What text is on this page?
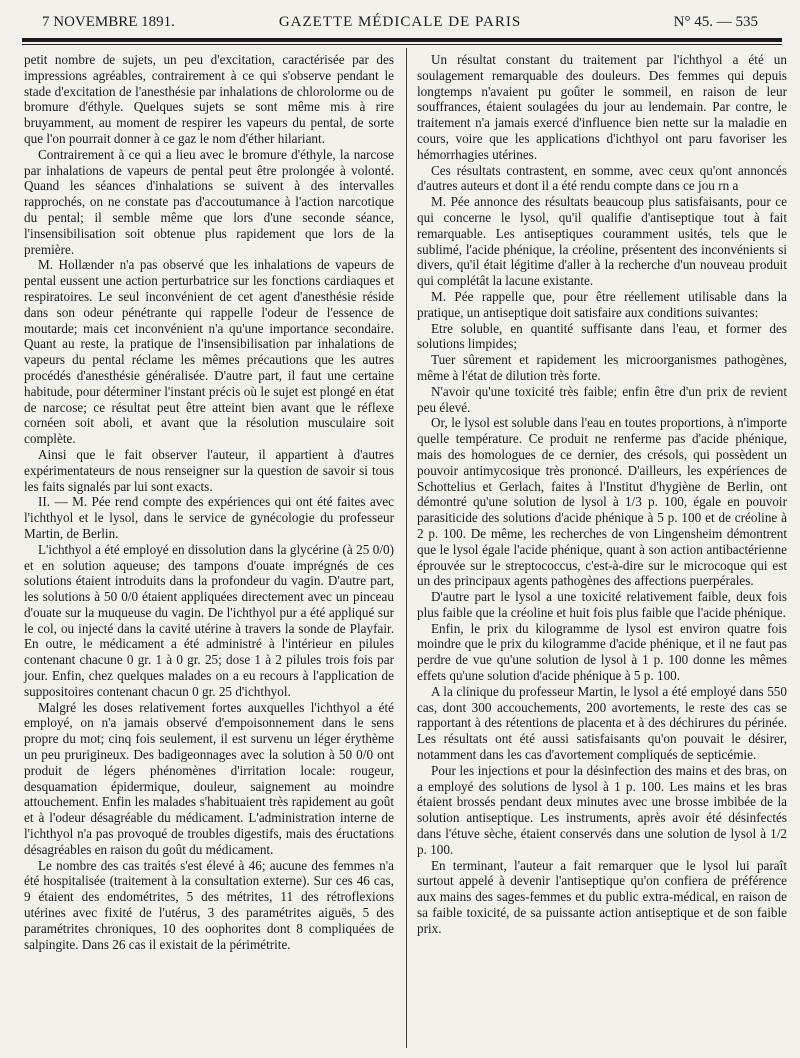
7 NOVEMBRE 1891.	GAZETTE MÉDICALE DE PARIS	N° 45. — 535

petit nombre de sujets, un peu d'excitation, caractérisée par des impressions agréables, contrairement à ce qui s'observe pendant le stade d'excitation de l'anesthésie par inhalations de chlorolorme ou de bromure d'éthyle. Quelques sujets se sont même mis à rire bruyamment, au moment de respirer les vapeurs du pental, de sorte que l'on pourrait donner à ce gaz le nom d'éther hilariant.

Contrairement à ce qui a lieu avec le bromure d'éthyle, la narcose par inhalations de vapeurs de pental peut être prolongée à volonté. Quand les séances d'inhalations se suivent à des intervalles rapprochés, on ne constate pas d'accoutumance à l'action narcotique du pental; il semble même que lors d'une seconde séance, l'insensibilisation soit obtenue plus rapidement que lors de la première.

M. Hollænder n'a pas observé que les inhalations de vapeurs de pental eussent une action perturbatrice sur les fonctions cardiaques et respiratoires. Le seul inconvénient de cet agent d'anesthésie réside dans son odeur pénétrante qui rappelle l'odeur de l'essence de moutarde; mais cet inconvénient n'a qu'une importance secondaire. Quant au reste, la pratique de l'insensibilisation par inhalations de vapeurs du pental réclame les mêmes précautions que les autres procédés d'anesthésie généralisée. D'autre part, il faut une certaine habitude, pour déterminer l'instant précis où le sujet est plongé en état de narcose; ce résultat peut être atteint bien avant que le réflexe cornéen soit aboli, et avant que la résolution musculaire soit complète.

Ainsi que le fait observer l'auteur, il appartient à d'autres expérimentateurs de nous renseigner sur la question de savoir si tous les faits signalés par lui sont exacts.

II. — M. Pée rend compte des expériences qui ont été faites avec l'ichthyol et le lysol, dans le service de gynécologie du professeur Martin, de Berlin.

L'ichthyol a été employé en dissolution dans la glycérine (à 25 0/0) et en solution aqueuse; des tampons d'ouate imprégnés de ces solutions étaient introduits dans la profondeur du vagin. D'autre part, les solutions à 50 0/0 étaient appliquées directement avec un pinceau d'ouate sur la muqueuse du vagin. De l'ichthyol pur a été appliqué sur le col, ou injecté dans la cavité utérine à travers la sonde de Playfair. En outre, le médicament a été administré à l'intérieur en pilules contenant chacune 0 gr. 1 à 0 gr. 25; dose 1 à 2 pilules trois fois par jour. Enfin, chez quelques malades on a eu recours à l'application de suppositoires contenant chacun 0 gr. 25 d'ichthyol.

Malgré les doses relativement fortes auxquelles l'ichthyol a été employé, on n'a jamais observé d'empoisonnement dans le sens propre du mot; cinq fois seulement, il est survenu un léger érythème un peu prurigineux. Des badigeonnages avec la solution à 50 0/0 ont produit de légers phénomènes d'irritation locale: rougeur, desquamation épidermique, douleur, saignement au moindre attouchement. Enfin les malades s'habituaient très rapidement au goût et à l'odeur désagréable du médicament. L'administration interne de l'ichthyol n'a pas provoqué de troubles digestifs, mais des éructations désagréables en raison du goût du médicament.

Le nombre des cas traités s'est élevé à 46; aucune des femmes n'a été hospitalisée (traitement à la consultation externe). Sur ces 46 cas, 9 étaient des endométrites, 5 des métrites, 11 des rétroflexions utérines avec fixité de l'utérus, 3 des paramétrites aiguës, 5 des paramétrites chroniques, 10 des oophorites dont 8 compliquées de salpingite. Dans 26 cas il existait de la périmétrite.

Un résultat constant du traitement par l'ichthyol a été un soulagement remarquable des douleurs. Des femmes qui depuis longtemps n'avaient pu goûter le sommeil, en raison de leur souffrances, étaient soulagées du jour au lendemain. Par contre, le traitement n'a jamais exercé d'influence bien nette sur la maladie en cours, voire que les applications d'ichthyol ont paru favoriser les hémorrhagies utérines.

Ces résultats contrastent, en somme, avec ceux qu'ont annoncés d'autres auteurs et dont il a été rendu compte dans ce jou rn a

M. Pée annonce des résultats beaucoup plus satisfaisants, pour ce qui concerne le lysol, qu'il qualifie d'antiseptique tout à fait remarquable. Les antiseptiques couramment usités, tels que le sublimé, l'acide phénique, la créoline, présentent des inconvénients si divers, qu'il était légitime d'aller à la recherche d'un nouveau produit qui complétât la lacune existante.

M. Pée rappelle que, pour être réellement utilisable dans la pratique, un antiseptique doit satisfaire aux conditions suivantes:

Etre soluble, en quantité suffisante dans l'eau, et former des solutions limpides;

Tuer sûrement et rapidement les microorganismes pathogènes, même à l'état de dilution très forte.

N'avoir qu'une toxicité très faible; enfin être d'un prix de revient peu élevé.

Or, le lysol est soluble dans l'eau en toutes proportions, à n'importe quelle température. Ce produit ne renferme pas d'acide phénique, mais des homologues de ce dernier, des crésols, qui possèdent un pouvoir antimycosique très prononcé. D'ailleurs, les expériences de Schottelius et Gerlach, faites à l'Institut d'hygiène de Berlin, ont démontré qu'une solution de lysol à 1/3 p. 100, égale en pouvoir parasiticide des solutions d'acide phénique à 5 p. 100 et de créoline à 2 p. 100. De même, les recherches de von Lingensheim démontrent que le lysol égale l'acide phénique, quant à son action antibactérienne éprouvée sur le streptococcus, c'est-à-dire sur le microcoque qui est un des principaux agents pathogènes des affections puerpérales.

D'autre part le lysol a une toxicité relativement faible, deux fois plus faible que la créoline et huit fois plus faible que l'acide phénique.

Enfin, le prix du kilogramme de lysol est environ quatre fois moindre que le prix du kilogramme d'acide phénique, et il ne faut pas perdre de vue qu'une solution de lysol à 1 p. 100 donne les mêmes effets qu'une solution d'acide phénique à 5 p. 100.

A la clinique du professeur Martin, le lysol a été employé dans 550 cas, dont 300 accouchements, 200 avortements, le reste des cas se rapportant à des rétentions de placenta et à des déchirures du périnée. Les résultats ont été aussi satisfaisants qu'on pouvait le désirer, notamment dans les cas d'avortement compliqués de septicémie.

Pour les injections et pour la désinfection des mains et des bras, on a employé des solutions de lysol à 1 p. 100. Les mains et les bras étaient brossés pendant deux minutes avec une brosse imbibée de la solution antiseptique. Les instruments, après avoir été désinfectés dans l'étuve sèche, étaient conservés dans une solution de lysol à 1/2 p. 100.

En terminant, l'auteur a fait remarquer que le lysol lui paraît surtout appelé à devenir l'antiseptique qu'on confiera de préférence aux mains des sages-femmes et du public extra-médical, en raison de sa faible toxicité, de sa puissante action antiseptique et de son faible prix.
